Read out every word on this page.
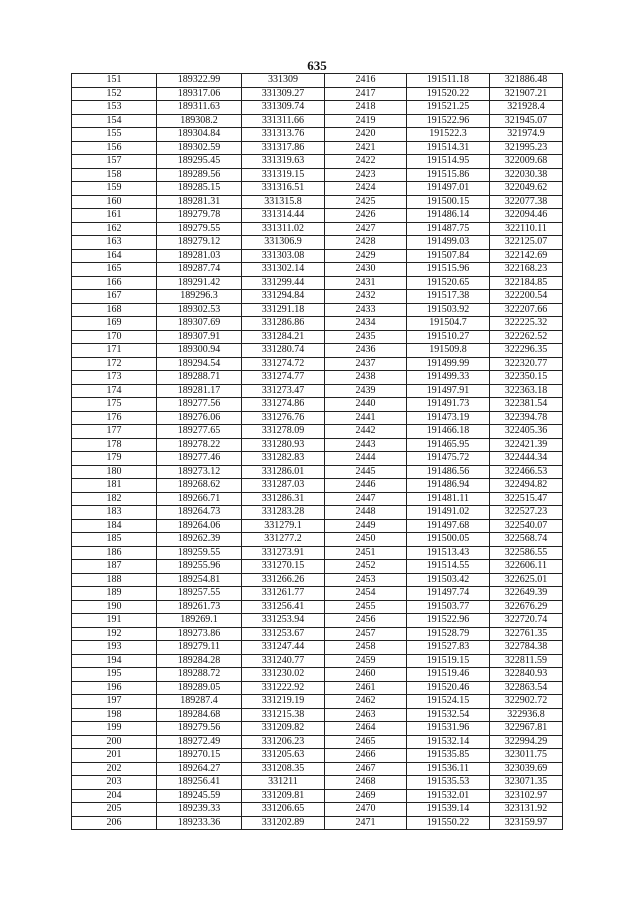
635
151	189322.99	331309	2416	191511.18	321886.48
152	189317.06	331309.27	2417	191520.22	321907.21
153	189311.63	331309.74	2418	191521.25	321928.4
154	189308.2	331311.66	2419	191522.96	321945.07
155	189304.84	331313.76	2420	191522.3	321974.9
156	189302.59	331317.86	2421	191514.31	321995.23
157	189295.45	331319.63	2422	191514.95	322009.68
158	189289.56	331319.15	2423	191515.86	322030.38
159	189285.15	331316.51	2424	191497.01	322049.62
160	189281.31	331315.8	2425	191500.15	322077.38
161	189279.78	331314.44	2426	191486.14	322094.46
162	189279.55	331311.02	2427	191487.75	322110.11
163	189279.12	331306.9	2428	191499.03	322125.07
164	189281.03	331303.08	2429	191507.84	322142.69
165	189287.74	331302.14	2430	191515.96	322168.23
166	189291.42	331299.44	2431	191520.65	322184.85
167	189296.3	331294.84	2432	191517.38	322200.54
168	189302.53	331291.18	2433	191503.92	322207.66
169	189307.69	331286.86	2434	191504.7	322225.32
170	189307.91	331284.21	2435	191510.27	322262.52
171	189300.94	331280.74	2436	191509.8	322296.35
172	189294.54	331274.72	2437	191499.99	322320.77
173	189288.71	331274.77	2438	191499.33	322350.15
174	189281.17	331273.47	2439	191497.91	322363.18
175	189277.56	331274.86	2440	191491.73	322381.54
176	189276.06	331276.76	2441	191473.19	322394.78
177	189277.65	331278.09	2442	191466.18	322405.36
178	189278.22	331280.93	2443	191465.95	322421.39
179	189277.46	331282.83	2444	191475.72	322444.34
180	189273.12	331286.01	2445	191486.56	322466.53
181	189268.62	331287.03	2446	191486.94	322494.82
182	189266.71	331286.31	2447	191481.11	322515.47
183	189264.73	331283.28	2448	191491.02	322527.23
184	189264.06	331279.1	2449	191497.68	322540.07
185	189262.39	331277.2	2450	191500.05	322568.74
186	189259.55	331273.91	2451	191513.43	322586.55
187	189255.96	331270.15	2452	191514.55	322606.11
188	189254.81	331266.26	2453	191503.42	322625.01
189	189257.55	331261.77	2454	191497.74	322649.39
190	189261.73	331256.41	2455	191503.77	322676.29
191	189269.1	331253.94	2456	191522.96	322720.74
192	189273.86	331253.67	2457	191528.79	322761.35
193	189279.11	331247.44	2458	191527.83	322784.38
194	189284.28	331240.77	2459	191519.15	322811.59
195	189288.72	331230.02	2460	191519.46	322840.93
196	189289.05	331222.92	2461	191520.46	322863.54
197	189287.4	331219.19	2462	191524.15	322902.72
198	189284.68	331215.38	2463	191532.54	322936.8
199	189279.56	331209.82	2464	191531.96	322967.81
200	189272.49	331206.23	2465	191532.14	322994.29
201	189270.15	331205.63	2466	191535.85	323011.75
202	189264.27	331208.35	2467	191536.11	323039.69
203	189256.41	331211	2468	191535.53	323071.35
204	189245.59	331209.81	2469	191532.01	323102.97
205	189239.33	331206.65	2470	191539.14	323131.92
206	189233.36	331202.89	2471	191550.22	323159.97
